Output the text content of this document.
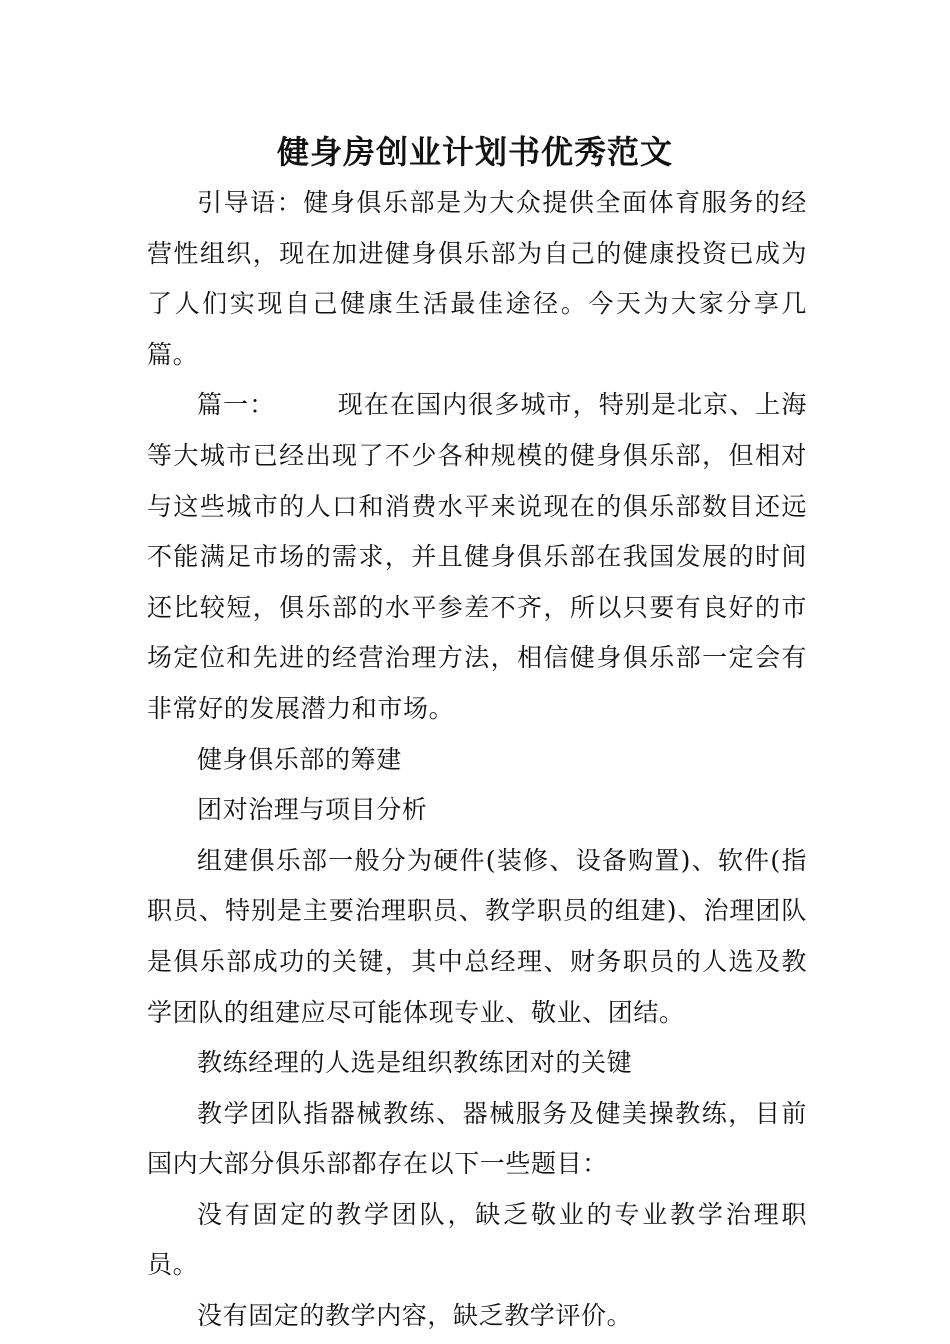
健身房创业计划书优秀范文

引导语：健身俱乐部是为大众提供全面体育服务的经营性组织，现在加进健身俱乐部为自己的健康投资已成为了人们实现自己健康生活最佳途径。今天为大家分享几篇。

篇一： 现在在国内很多城市，特别是北京、上海等大城市已经出现了不少各种规模的健身俱乐部，但相对与这些城市的人口和消费水平来说现在的俱乐部数目还远不能满足市场的需求，并且健身俱乐部在我国发展的时间还比较短，俱乐部的水平参差不齐，所以只要有良好的市场定位和先进的经营治理方法，相信健身俱乐部一定会有非常好的发展潜力和市场。

健身俱乐部的筹建

团对治理与项目分析

组建俱乐部一般分为硬件(装修、设备购置)、软件(指职员、特别是主要治理职员、教学职员的组建)、治理团队是俱乐部成功的关键，其中总经理、财务职员的人选及教学团队的组建应尽可能体现专业、敬业、团结。

教练经理的人选是组织教练团对的关键

教学团队指器械教练、器械服务及健美操教练，目前国内大部分俱乐部都存在以下一些题目：

没有固定的教学团队，缺乏敬业的专业教学治理职员。

没有固定的教学内容，缺乏教学评价。
